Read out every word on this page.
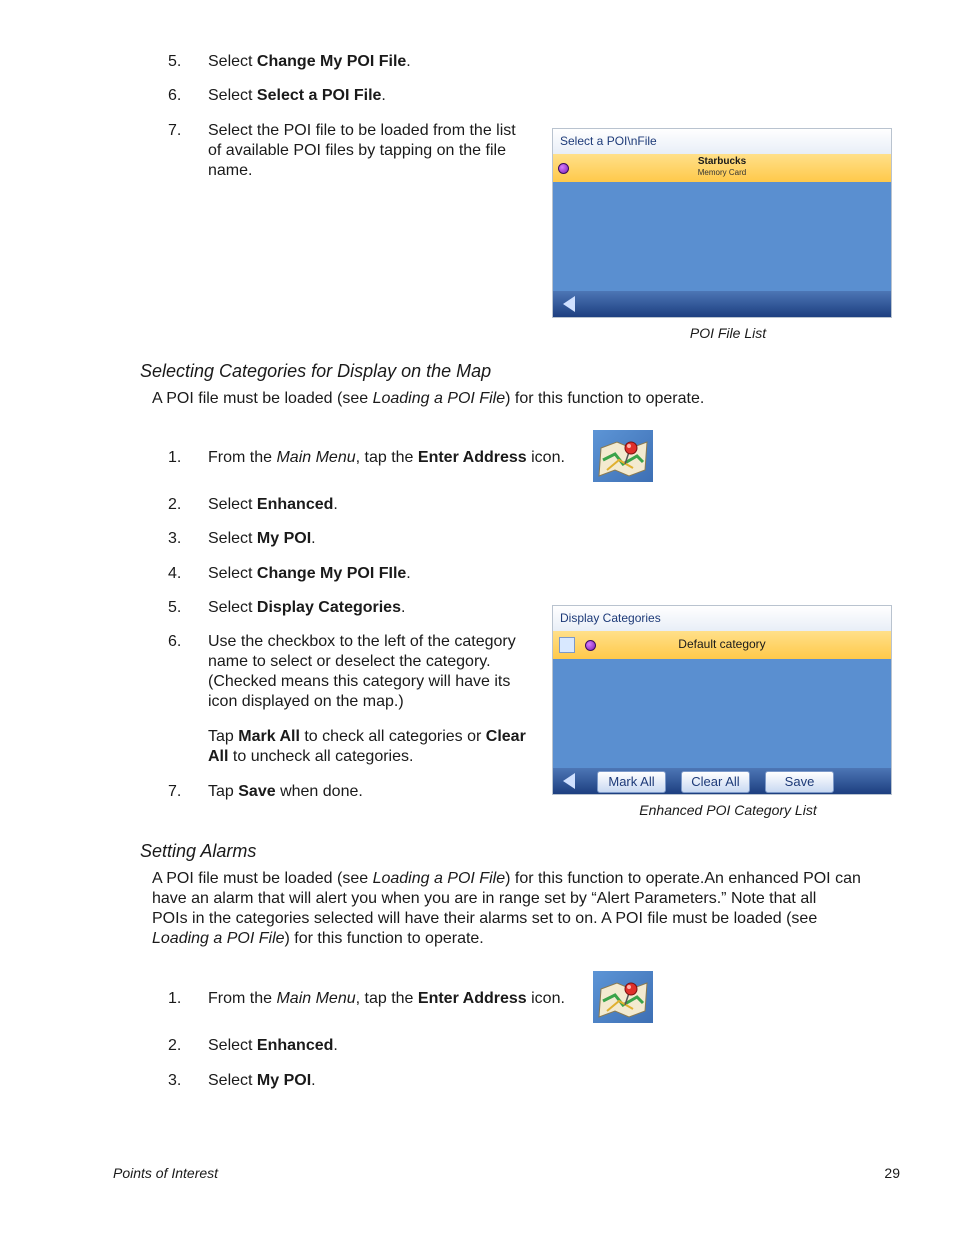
5.	Select Change My POI File.
6.	Select Select a POI File.
7.	Select the POI file to be loaded from the list
of available POI files by tapping on the file
name.
Select a POI\nFile
Starbucks
Memory Card
POI File List
Selecting Categories for Display on the Map
A POI file must be loaded (see Loading a POI File) for this function to operate.
1.	From the Main Menu, tap the Enter Address icon.
2.	Select Enhanced.
3.	Select My POI.
4.	Select Change My POI FIle.
5.	Select Display Categories.
6.	Use the checkbox to the left of the category
name to select or deselect the category.
(Checked means this category will have its
icon displayed on the map.)
Tap Mark All to check all categories or Clear
All to uncheck all categories.
7.	Tap Save when done.
Display Categories
Default category
Mark All	Clear All	Save
Enhanced POI Category List
Setting Alarms
A POI file must be loaded (see Loading a POI File) for this function to operate.An enhanced POI can
have an alarm that will alert you when you are in range set by “Alert Parameters.” Note that all
POIs in the categories selected will have their alarms set to on. A POI file must be loaded (see
Loading a POI File) for this function to operate.
1.	From the Main Menu, tap the Enter Address icon.
2.	Select Enhanced.
3.	Select My POI.
Points of Interest	29
